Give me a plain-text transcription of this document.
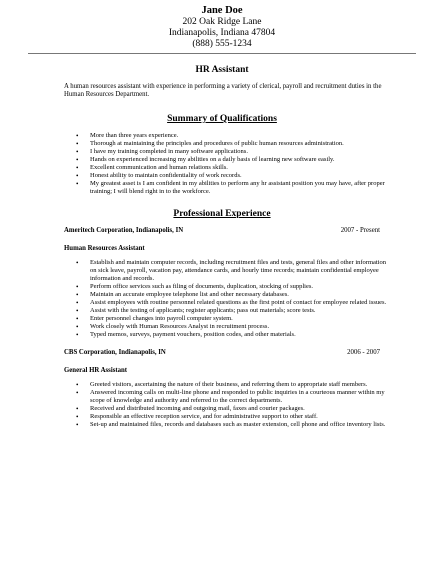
Jane Doe
202 Oak Ridge Lane
Indianapolis, Indiana 47804
(888) 555-1234
HR Assistant
A human resources assistant with experience in performing a variety of clerical, payroll and recruitment duties in the Human Resources Department.
Summary of Qualifications
• More than three years experience.
• Thorough at maintaining the principles and procedures of public human resources administration.
• I have my training completed in many software applications.
• Hands on experienced increasing my abilities on a daily basis of learning new software easily.
• Excellent communication and human relations skills.
• Honest ability to maintain confidentiality of work records.
• My greatest asset is I am confident in my abilities to perform any hr assistant position you may have, after proper training; I will blend right in to the workforce.
Professional Experience
Ameritech Corporation, Indianapolis, IN	2007 - Present
Human Resources Assistant
• Establish and maintain computer records, including recruitment files and tests, general files and other information on sick leave, payroll, vacation pay, attendance cards, and hourly time records; maintain confidential employee information and records.
• Perform office services such as filing of documents, duplication, stocking of supplies.
• Maintain an accurate employee telephone list and other necessary databases.
• Assist employees with routine personnel related questions as the first point of contact for employee related issues.
• Assist with the testing of applicants; register applicants; pass out materials; score tests.
• Enter personnel changes into payroll computer system.
• Work closely with Human Resources Analyst in recruitment process.
• Typed memos, surveys, payment vouchers, position codes, and other materials.
CBS Corporation, Indianapolis, IN	2006 - 2007
General HR Assistant
• Greeted visitors, ascertaining the nature of their business, and referring them to appropriate staff members.
• Answered incoming calls on multi-line phone and responded to public inquiries in a courteous manner within my scope of knowledge and authority and referred to the correct departments.
• Received and distributed incoming and outgoing mail, faxes and courier packages.
• Responsible an effective reception service, and for administrative support to other staff.
• Set-up and maintained files, records and databases such as master extension, cell phone and office inventory lists.
